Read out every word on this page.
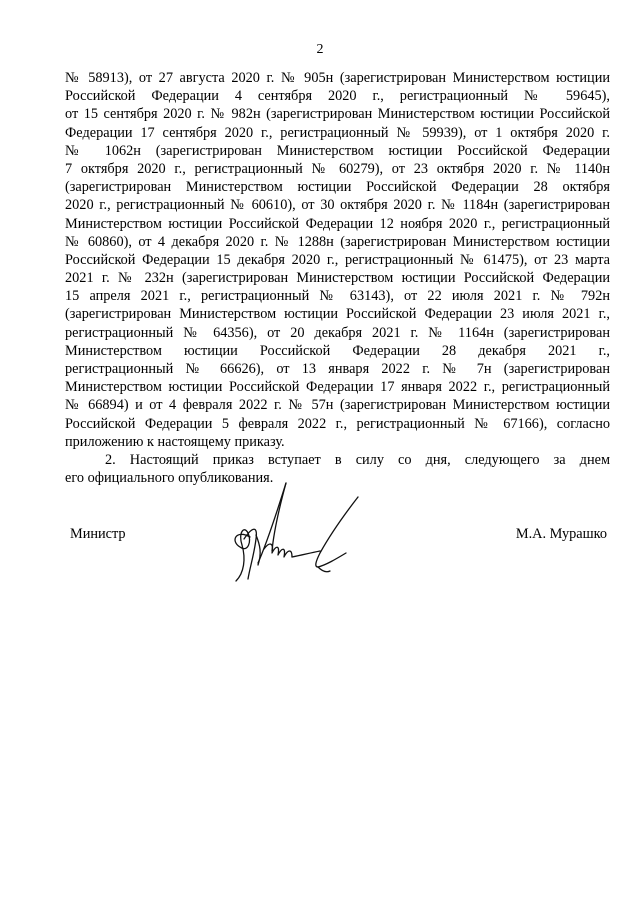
2
№ 58913), от 27 августа 2020 г. № 905н (зарегистрирован Министерством юстиции
Российской Федерации 4 сентября 2020 г., регистрационный № 59645),
от 15 сентября 2020 г. № 982н (зарегистрирован Министерством юстиции Российской
Федерации 17 сентября 2020 г., регистрационный № 59939), от 1 октября 2020 г.
№ 1062н (зарегистрирован Министерством юстиции Российской Федерации
7 октября 2020 г., регистрационный № 60279), от 23 октября 2020 г. № 1140н
(зарегистрирован Министерством юстиции Российской Федерации 28 октября
2020 г., регистрационный № 60610), от 30 октября 2020 г. № 1184н (зарегистрирован
Министерством юстиции Российской Федерации 12 ноября 2020 г., регистрационный
№ 60860), от 4 декабря 2020 г. № 1288н (зарегистрирован Министерством юстиции
Российской Федерации 15 декабря 2020 г., регистрационный № 61475), от 23 марта
2021 г. № 232н (зарегистрирован Министерством юстиции Российской Федерации
15 апреля 2021 г., регистрационный № 63143), от 22 июля 2021 г. № 792н
(зарегистрирован Министерством юстиции Российской Федерации 23 июля 2021 г.,
регистрационный № 64356), от 20 декабря 2021 г. № 1164н (зарегистрирован
Министерством юстиции Российской Федерации 28 декабря 2021 г.,
регистрационный № 66626), от 13 января 2022 г. № 7н (зарегистрирован
Министерством юстиции Российской Федерации 17 января 2022 г., регистрационный
№ 66894) и от 4 февраля 2022 г. № 57н (зарегистрирован Министерством юстиции
Российской Федерации 5 февраля 2022 г., регистрационный № 67166), согласно
приложению к настоящему приказу.
2. Настоящий приказ вступает в силу со дня, следующего за днем
его официального опубликования.
Министр	М.А. Мурашко
